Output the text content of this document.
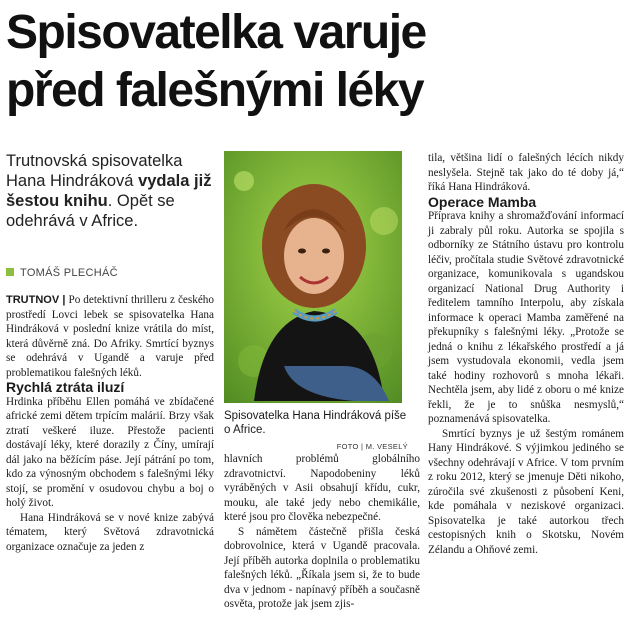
Spisovatelka varuje
před falešnými léky
Trutnovská spisovatelka Hana Hindráková vydala již šestou knihu. Opět se odehrává v Africe.
TOMÁŠ PLECHÁČ

TRUTNOV | Po detektivní thrilleru z českého prostředí Lovci lebek se spisovatelka Hana Hindráková v poslední knize vrátila do míst, která důvěrně zná. Do Afriky. Smrtící byznys se odehrává v Ugandě a varuje před problematikou falešných léků.

Rychlá ztráta iluzí

Hrdinka příběhu Ellen pomáhá ve zbídačené africké zemi dětem trpícím malárií. Brzy však ztratí veškeré iluze. Přestože pacienti dostávají léky, které dorazily z Číny, umírají dál jako na běžícím páse. Její pátrání po tom, kdo za výnosným obchodem s falešnými léky stojí, se promění v osudovou chybu a boj o holý život.

Hana Hindráková se v nové knize zabývá tématem, který Světová zdravotnická organizace označuje za jeden z

Spisovatelka Hana Hindráková píše o Africe.
FOTO | M. VESELÝ

hlavních problémů globálního zdravotnictví. Napodobeniny léků vyráběných v Asii obsahují křídu, cukr, mouku, ale také jedy nebo chemikálie, které jsou pro člověka nebezpečné.

S námětem částečně přišla česká dobrovolnice, která v Ugandě pracovala. Její příběh autorka doplnila o problematiku falešných léků. „Říkala jsem si, že to bude dva v jednom - napínavý příběh a současně osvěta, protože jak jsem zjis-

tila, většina lidí o falešných lécích nikdy neslyšela. Stejně tak jako do té doby já,“ říká Hana Hindráková.

Operace Mamba

Příprava knihy a shromažďování informací ji zabraly půl roku. Autorka se spojila s odborníky ze Státního ústavu pro kontrolu léčiv, pročítala studie Světové zdravotnické organizace, komunikovala s ugandskou organizací National Drug Authority i ředitelem tamního Interpolu, aby získala informace k operaci Mamba zaměřené na překupníky s falešnými léky. „Protože se jedná o knihu z lékařského prostředí a já jsem vystudovala ekonomii, vedla jsem také hodiny rozhovorů s mnoha lékaři. Nechtěla jsem, aby lidé z oboru o mé knize řekli, že je to snůška nesmyslů,“ poznamenává spisovatelka.

Smrtící byznys je už šestým románem Hany Hindrákové. S výjimkou jediného se všechny odehrávají v Africe. V tom prvním z roku 2012, který se jmenuje Děti nikoho, zúročila své zkušenosti z působení Keni, kde pomáhala v neziskové organizaci. Spisovatelka je také autorkou třech cestopisných knih o Skotsku, Novém Zélandu a Ohňové zemi.
